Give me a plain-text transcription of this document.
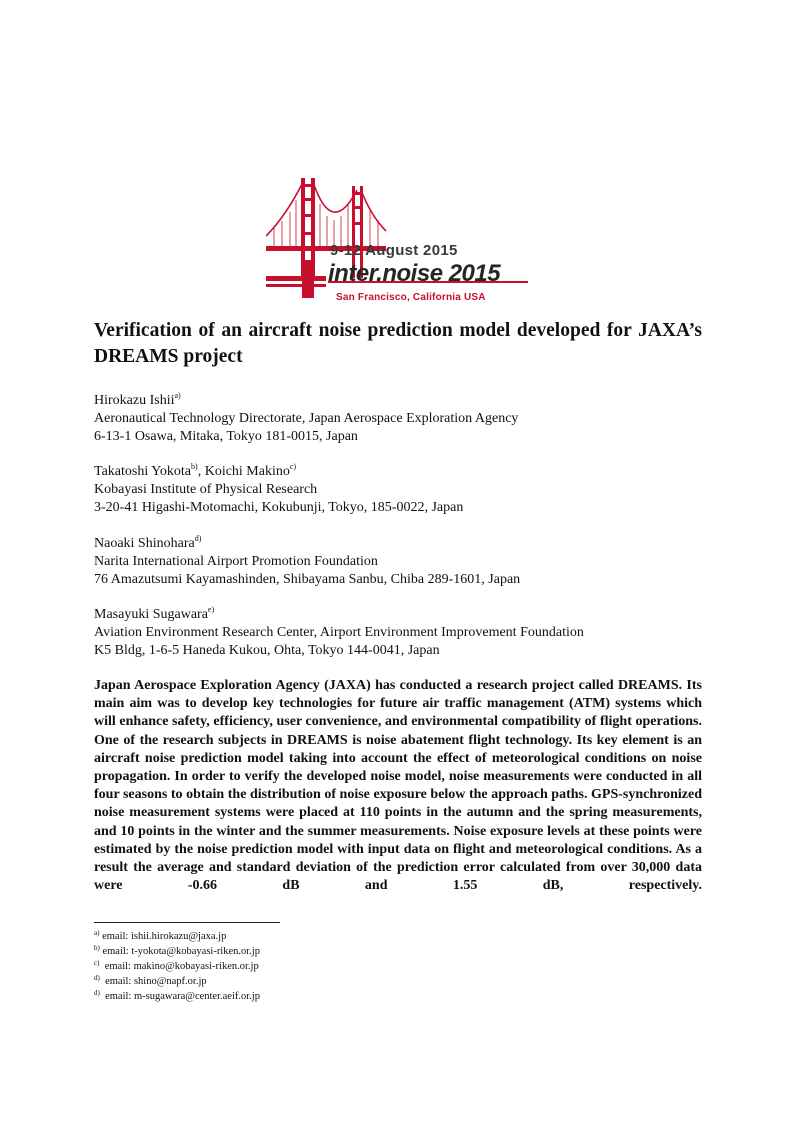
9-12 August 2015
inter.noise 2015
San Francisco, California USA
Verification of an aircraft noise prediction model developed for JAXA’s DREAMS project

Hirokazu Ishii$^{a)}$

Aeronautical Technology Directorate, Japan Aerospace Exploration Agency

6-13-1 Osawa, Mitaka, Tokyo 181-0015, Japan

Takatoshi Yokota$^{b)}$, Koichi Makino$^{c)}$

Kobayasi Institute of Physical Research

3-20-41 Higashi-Motomachi, Kokubunji, Tokyo, 185-0022, Japan

Naoaki Shinohara$^{d)}$

Narita International Airport Promotion Foundation

76 Amazutsumi Kayamashinden, Shibayama Sanbu, Chiba 289-1601, Japan

Masayuki Sugawara$^{e)}$

Aviation Environment Research Center, Airport Environment Improvement Foundation

K5 Bldg, 1-6-5 Haneda Kukou, Ohta, Tokyo 144-0041, Japan

Japan Aerospace Exploration Agency (JAXA) has conducted a research project called DREAMS. Its main aim was to develop key technologies for future air traffic management (ATM) systems which will enhance safety, efficiency, user convenience, and environmental compatibility of flight operations. One of the research subjects in DREAMS is noise abatement flight technology. Its key element is an aircraft noise prediction model taking into account the effect of meteorological conditions on noise propagation. In order to verify the developed noise model, noise measurements were conducted in all four seasons to obtain the distribution of noise exposure below the approach paths. GPS-synchronized noise measurement systems were placed at 110 points in the autumn and the spring measurements, and 10 points in the winter and the summer measurements. Noise exposure levels at these points were estimated by the noise prediction model with input data on flight and meteorological conditions. As a result the average and standard deviation of the prediction error calculated from over 30,000 data were -0.66 dB and 1.55 dB, respectively.

$^{a)}$ email: ishii.hirokazu@jaxa.jp

$^{b)}$ email: t-yokota@kobayasi-riken.or.jp

$^{c)}$  email: makino@kobayasi-riken.or.jp

$^{d)}$  email: shino@napf.or.jp

$^{d)}$  email: m-sugawara@center.aeif.or.jp
